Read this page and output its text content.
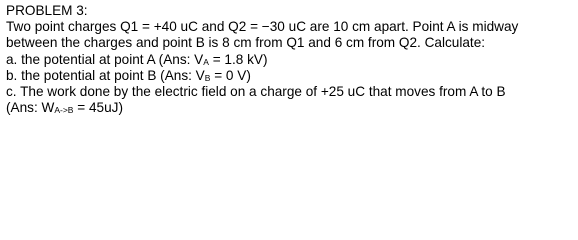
PROBLEM 3:
Two point charges Q1 = +40 uC and Q2 = −30 uC are 10 cm apart. Point A is midway
between the charges and point B is 8 cm from Q1 and 6 cm from Q2. Calculate:
a. the potential at point A (Ans: VA = 1.8 kV)
b. the potential at point B (Ans: VB = 0 V)
c. The work done by the electric field on a charge of +25 uC that moves from A to B
(Ans: WA->B = 45uJ)
